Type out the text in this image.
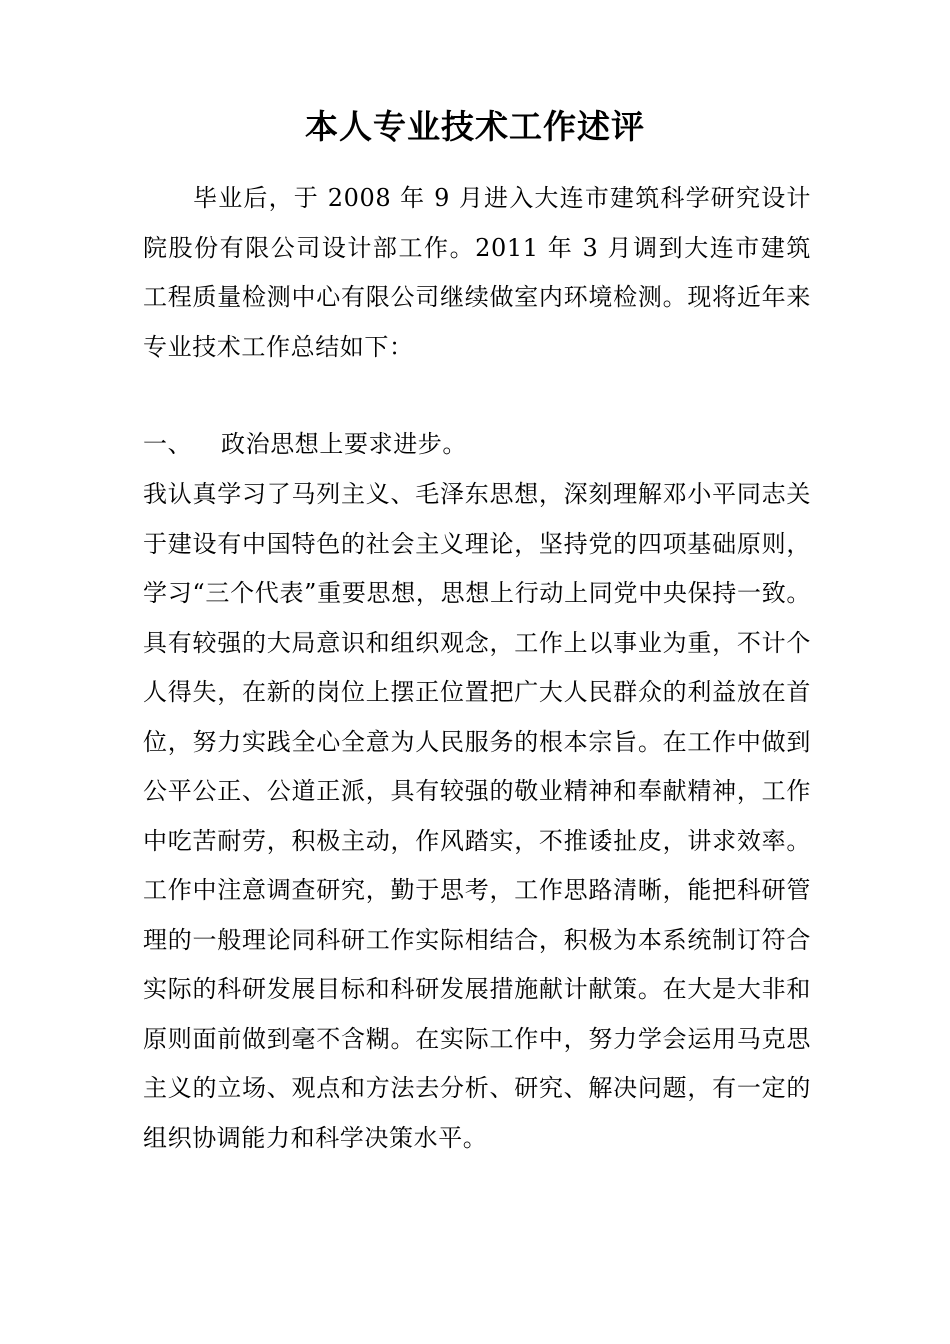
本人专业技术工作述评

毕业后，于 2008 年 9 月进入大连市建筑科学研究设计院股份有限公司设计部工作。2011 年 3 月调到大连市建筑工程质量检测中心有限公司继续做室内环境检测。现将近年来专业技术工作总结如下：

一、 政治思想上要求进步。

我认真学习了马列主义、毛泽东思想，深刻理解邓小平同志关于建设有中国特色的社会主义理论，坚持党的四项基础原则，学习“三个代表”重要思想，思想上行动上同党中央保持一致。具有较强的大局意识和组织观念，工作上以事业为重，不计个人得失，在新的岗位上摆正位置把广大人民群众的利益放在首位，努力实践全心全意为人民服务的根本宗旨。在工作中做到公平公正、公道正派，具有较强的敬业精神和奉献精神，工作中吃苦耐劳，积极主动，作风踏实，不推诿扯皮，讲求效率。工作中注意调查研究，勤于思考，工作思路清晰，能把科研管理的一般理论同科研工作实际相结合，积极为本系统制订符合实际的科研发展目标和科研发展措施献计献策。在大是大非和原则面前做到毫不含糊。在实际工作中，努力学会运用马克思主义的立场、观点和方法去分析、研究、解决问题，有一定的组织协调能力和科学决策水平。
